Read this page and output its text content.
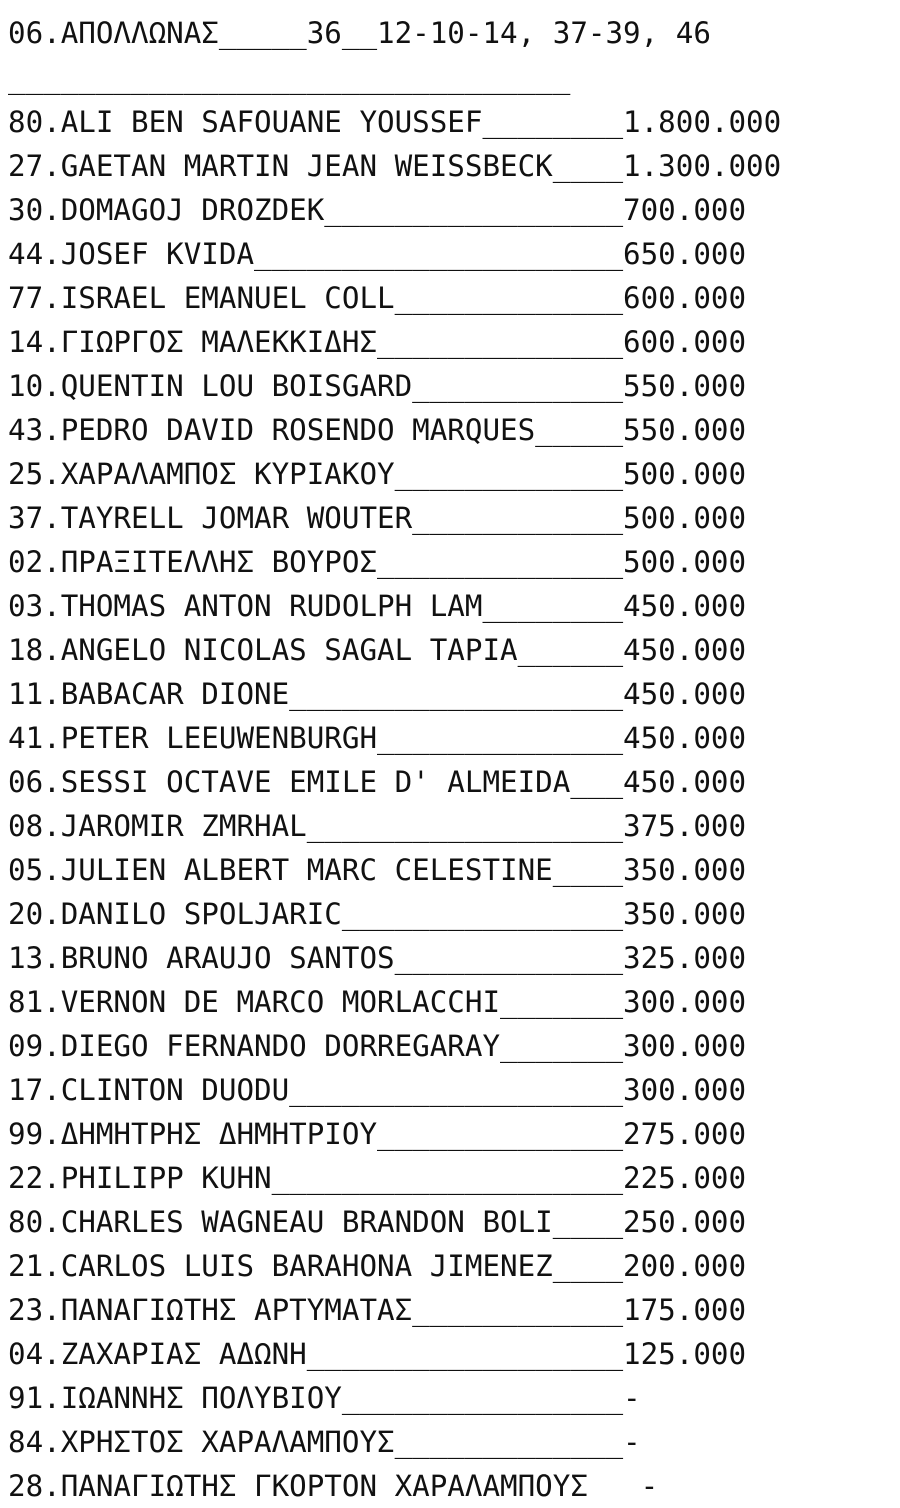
06.ΑΠΟΛΛΩΝΑΣ_____36__12-10-14, 37-39, 46
________________________________
80.ALI BEN SAFOUANE YOUSSEF________1.800.000
27.GAETAN MARTIN JEAN WEISSBECK____1.300.000
30.DOMAGOJ DROZDEK_________________700.000
44.JOSEF KVIDA_____________________650.000
77.ISRAEL EMANUEL COLL_____________600.000
14.ΓΙΩΡΓΟΣ ΜΑΛΕΚΚΙΔΗΣ______________600.000
10.QUENTIN LOU BOISGARD____________550.000
43.PEDRO DAVID ROSENDO MARQUES_____550.000
25.ΧΑΡΑΛΑΜΠΟΣ ΚΥΡΙΑΚΟΥ_____________500.000
37.TAYRELL JOMAR WOUTER____________500.000
02.ΠΡΑΞΙΤΕΛΛΗΣ ΒΟΥΡΟΣ______________500.000
03.THOMAS ANTON RUDOLPH LAM________450.000
18.ANGELO NICOLAS SAGAL TAPIA______450.000
11.BABACAR DIONE___________________450.000
41.PETER LEEUWENBURGH______________450.000
06.SESSI OCTAVE EMILE D' ALMEIDA___450.000
08.JAROMIR ZMRHAL__________________375.000
05.JULIEN ALBERT MARC CELESTINE____350.000
20.DANILO SPOLJARIC________________350.000
13.BRUNO ARAUJO SANTOS_____________325.000
81.VERNON DE MARCO MORLACCHI_______300.000
09.DIEGO FERNANDO DORREGARAY_______300.000
17.CLINTON DUODU___________________300.000
99.ΔΗΜΗΤΡΗΣ ΔΗΜΗΤΡΙΟΥ______________275.000
22.PHILIPP KUHN____________________225.000
80.CHARLES WAGNEAU BRANDON BOLI____250.000
21.CARLOS LUIS BARAHONA JIMENEZ____200.000
23.ΠΑΝΑΓΙΩΤΗΣ ΑΡΤΥΜΑΤΑΣ____________175.000
04.ΖΑΧΑΡΙΑΣ ΑΔΩΝΗ__________________125.000
91.ΙΩΑΝΝΗΣ ΠΟΛΥΒΙΟΥ________________-
84.ΧΡΗΣΤΟΣ ΧΑΡΑΛΑΜΠΟΥΣ_____________-
28.ΠΑΝΑΓΙΩΤΗΣ ΓΚΟΡΤΟΝ ΧΑΡΑΛΑΜΠΟΥΣ   -
